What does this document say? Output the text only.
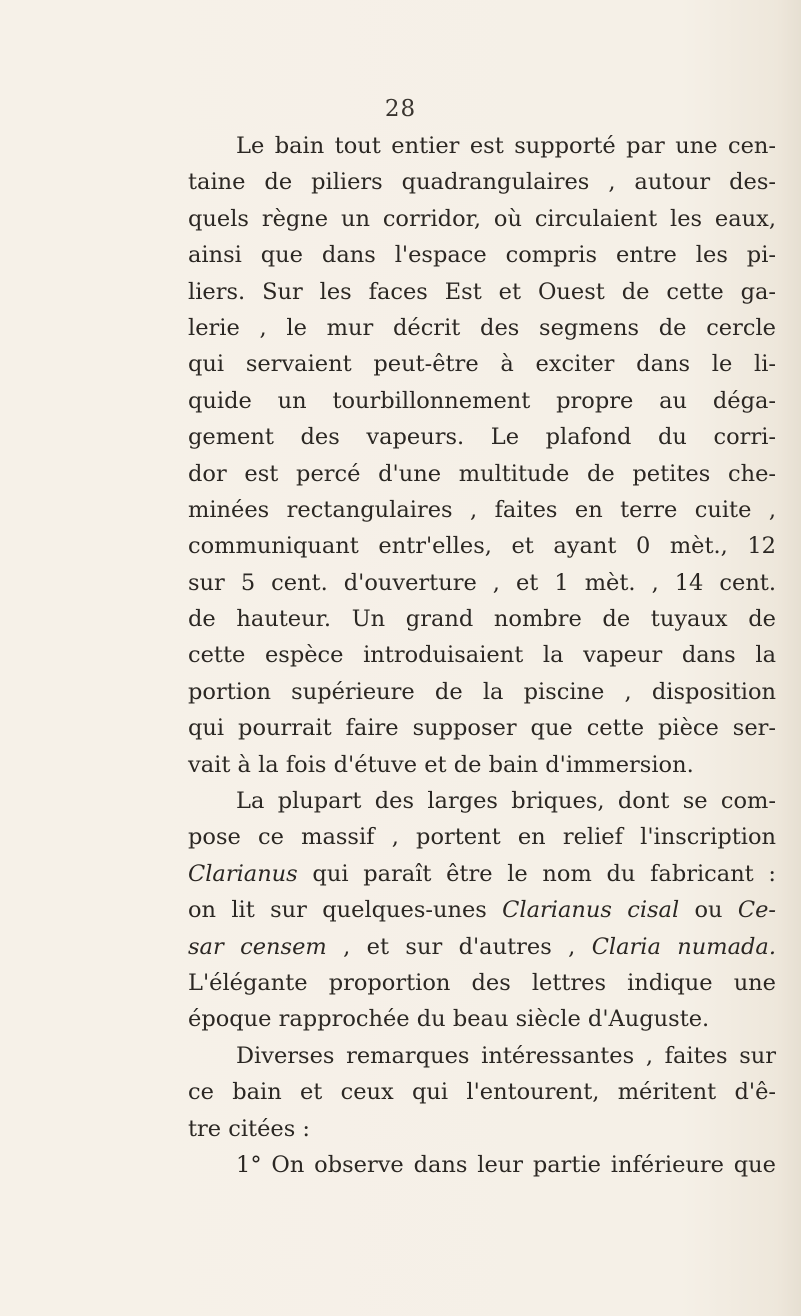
28
Le bain tout entier est supporté par une cen-
taine de piliers quadrangulaires , autour des-
quels règne un corridor, où circulaient les eaux,
ainsi que dans l'espace compris entre les pi-
liers. Sur les faces Est et Ouest de cette ga-
lerie , le mur décrit des segmens de cercle
qui servaient peut-être à exciter dans le li-
quide un tourbillonnement propre au déga-
gement des vapeurs. Le plafond du corri-
dor est percé d'une multitude de petites che-
minées rectangulaires , faites en terre cuite ,
communiquant entr'elles, et ayant 0 mèt., 12
sur 5 cent. d'ouverture , et 1 mèt. , 14 cent.
de hauteur. Un grand nombre de tuyaux de
cette espèce introduisaient la vapeur dans la
portion supérieure de la piscine , disposition
qui pourrait faire supposer que cette pièce ser-
vait à la fois d'étuve et de bain d'immersion.
La plupart des larges briques, dont se com-
pose ce massif , portent en relief l'inscription
Clarianus qui paraît être le nom du fabricant :
on lit sur quelques-unes Clarianus cisal ou Ce-
sar censem , et sur d'autres , Claria numada.
L'élégante proportion des lettres indique une
époque rapprochée du beau siècle d'Auguste.
Diverses remarques intéressantes , faites sur
ce bain et ceux qui l'entourent, méritent d'ê-
tre citées :
1° On observe dans leur partie inférieure que
